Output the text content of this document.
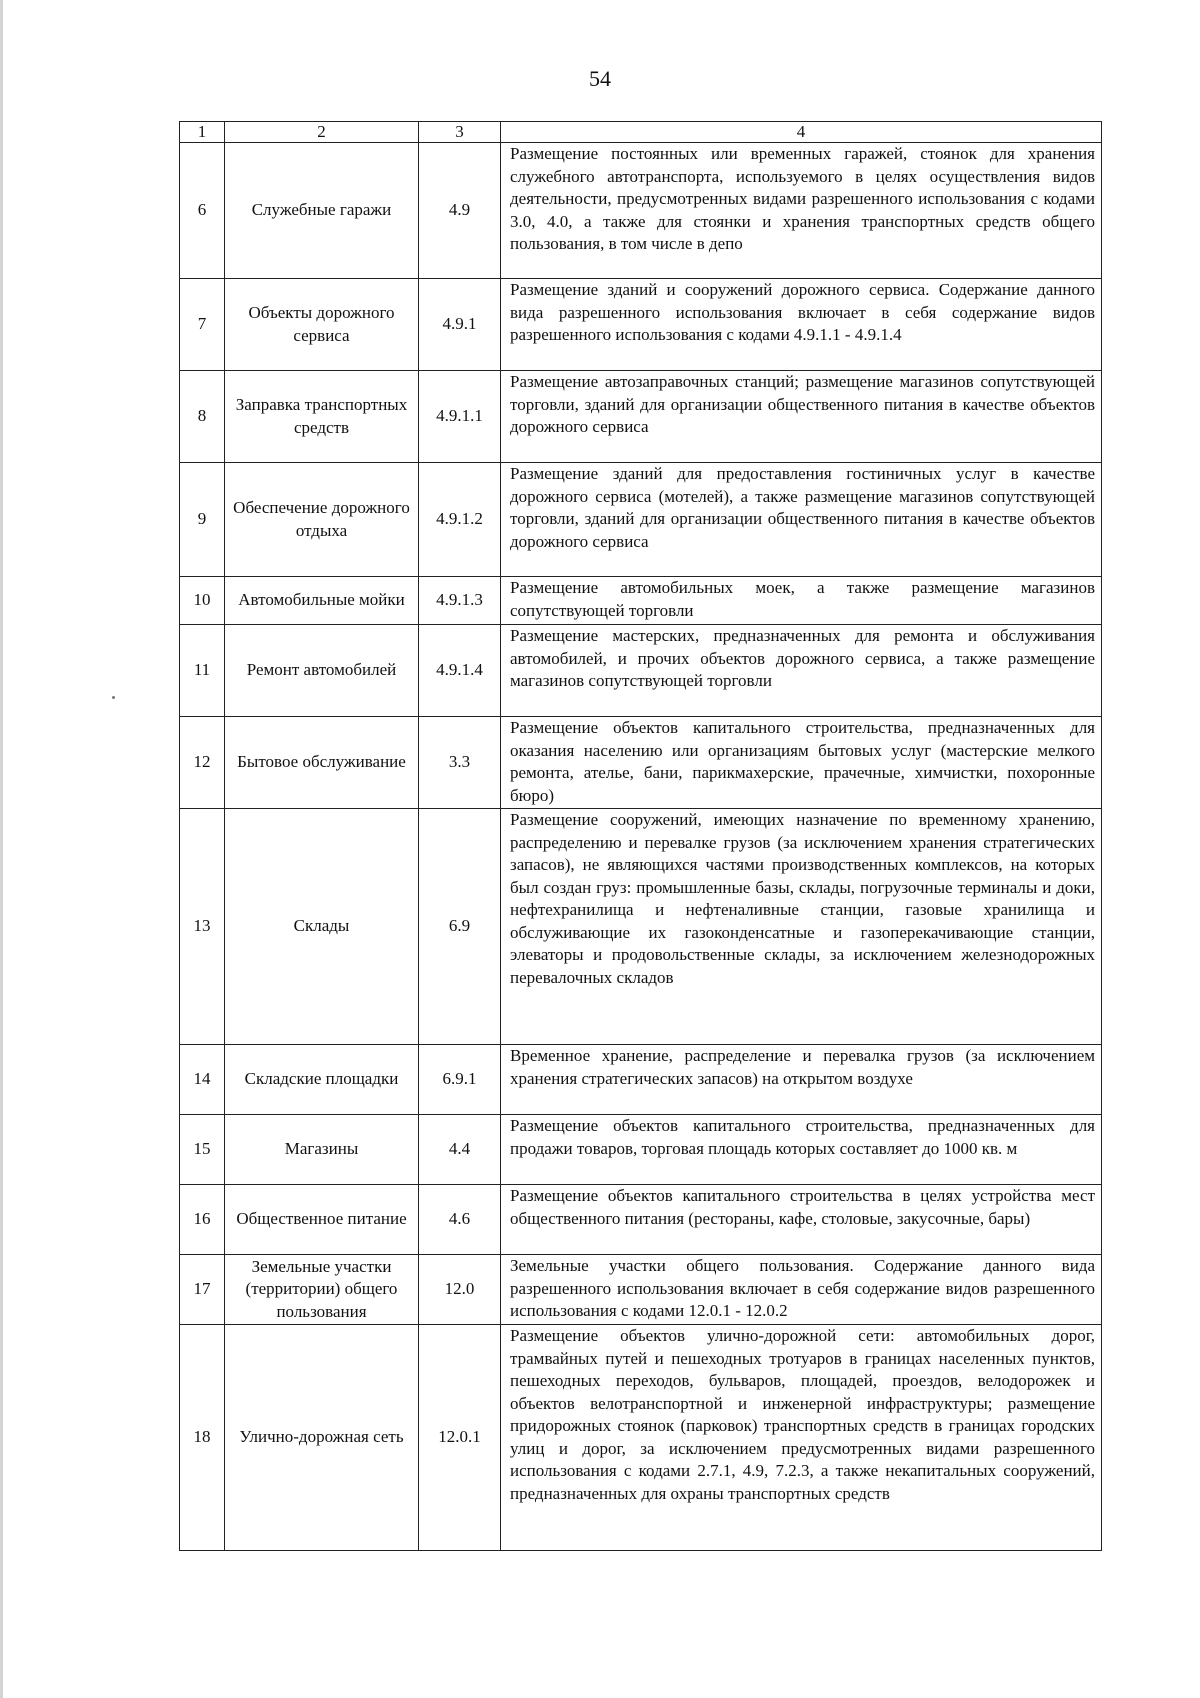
54
1	2	3	4
6	Служебные гаражи	4.9	Размещение постоянных или временных гаражей, стоянок для хранения служебного автотранспорта, используемого в целях осуществления видов деятельности, предусмотренных видами разрешенного использования с кодами 3.0, 4.0, а также для стоянки и хранения транспортных средств общего пользования, в том числе в депо
7	Объекты дорожного сервиса	4.9.1	Размещение зданий и сооружений дорожного сервиса. Содержание данного вида разрешенного использования включает в себя содержание видов разрешенного использования с кодами 4.9.1.1 - 4.9.1.4
8	Заправка транспортных средств	4.9.1.1	Размещение автозаправочных станций; размещение магазинов сопутствующей торговли, зданий для организации общественного питания в качестве объектов дорожного сервиса
9	Обеспечение дорожного отдыха	4.9.1.2	Размещение зданий для предоставления гостиничных услуг в качестве дорожного сервиса (мотелей), а также размещение магазинов сопутствующей торговли, зданий для организации общественного питания в качестве объектов дорожного сервиса
10	Автомобильные мойки	4.9.1.3	Размещение автомобильных моек, а также размещение магазинов сопутствующей торговли
11	Ремонт автомобилей	4.9.1.4	Размещение мастерских, предназначенных для ремонта и обслуживания автомобилей, и прочих объектов дорожного сервиса, а также размещение магазинов сопутствующей торговли
12	Бытовое обслуживание	3.3	Размещение объектов капитального строительства, предназначенных для оказания населению или организациям бытовых услуг (мастерские мелкого ремонта, ателье, бани, парикмахерские, прачечные, химчистки, похоронные бюро)
13	Склады	6.9	Размещение сооружений, имеющих назначение по временному хранению, распределению и перевалке грузов (за исключением хранения стратегических запасов), не являющихся частями производственных комплексов, на которых был создан груз: промышленные базы, склады, погрузочные терминалы и доки, нефтехранилища и нефтеналивные станции, газовые хранилища и обслуживающие их газоконденсатные и газоперекачивающие станции, элеваторы и продовольственные склады, за исключением железнодорожных перевалочных складов
14	Складские площадки	6.9.1	Временное хранение, распределение и перевалка грузов (за исключением хранения стратегических запасов) на открытом воздухе
15	Магазины	4.4	Размещение объектов капитального строительства, предназначенных для продажи товаров, торговая площадь которых составляет до 1000 кв. м
16	Общественное питание	4.6	Размещение объектов капитального строительства в целях устройства мест общественного питания (рестораны, кафе, столовые, закусочные, бары)
17	Земельные участки (территории) общего пользования	12.0	Земельные участки общего пользования. Содержание данного вида разрешенного использования включает в себя содержание видов разрешенного использования с кодами 12.0.1 - 12.0.2
18	Улично-дорожная сеть	12.0.1	Размещение объектов улично-дорожной сети: автомобильных дорог, трамвайных путей и пешеходных тротуаров в границах населенных пунктов, пешеходных переходов, бульваров, площадей, проездов, велодорожек и объектов велотранспортной и инженерной инфраструктуры; размещение придорожных стоянок (парковок) транспортных средств в границах городских улиц и дорог, за исключением предусмотренных видами разрешенного использования с кодами 2.7.1, 4.9, 7.2.3, а также некапитальных сооружений, предназначенных для охраны транспортных средств
